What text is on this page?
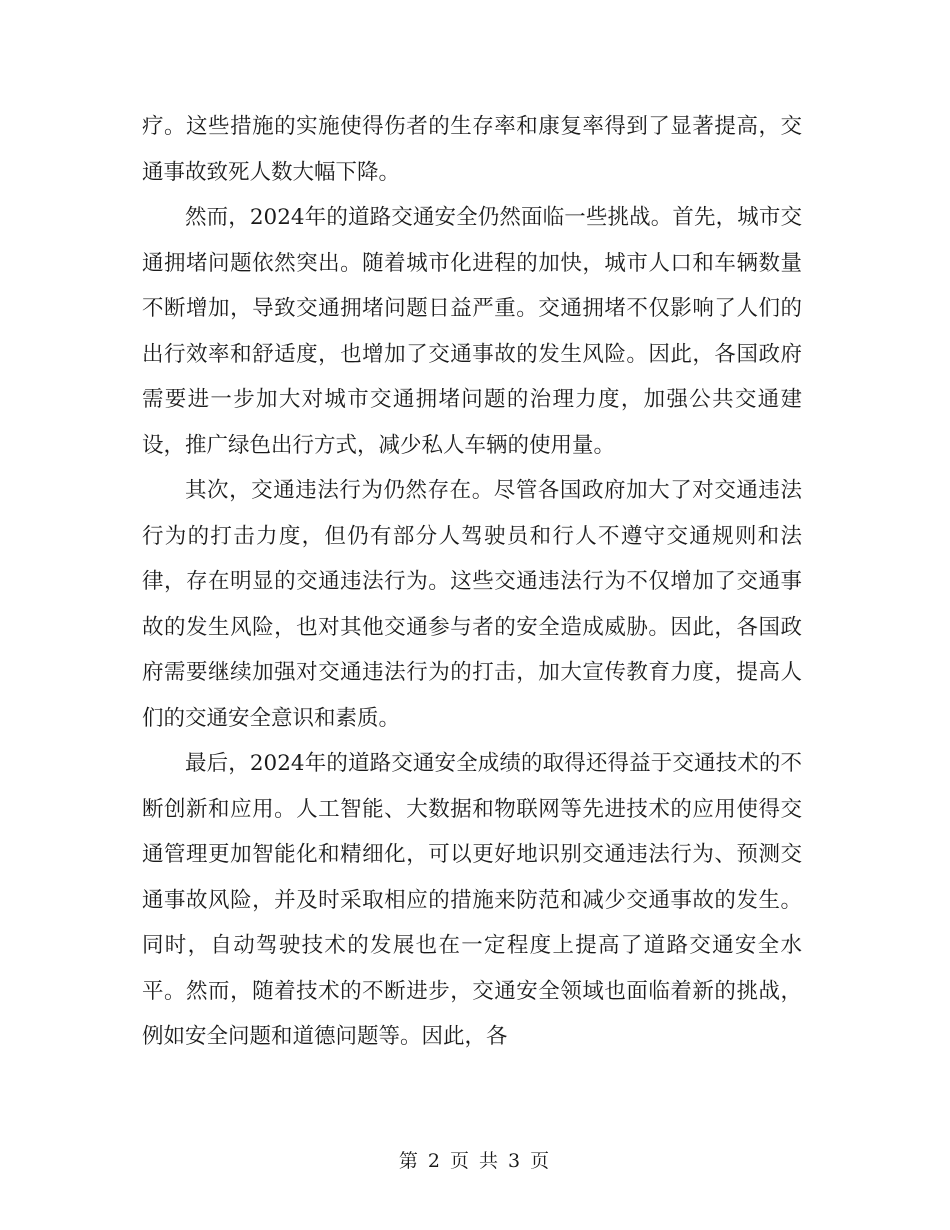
疗。这些措施的实施使得伤者的生存率和康复率得到了显著提高，交通事故致死人数大幅下降。

然而，2024年的道路交通安全仍然面临一些挑战。首先，城市交通拥堵问题依然突出。随着城市化进程的加快，城市人口和车辆数量不断增加，导致交通拥堵问题日益严重。交通拥堵不仅影响了人们的出行效率和舒适度，也增加了交通事故的发生风险。因此，各国政府需要进一步加大对城市交通拥堵问题的治理力度，加强公共交通建设，推广绿色出行方式，减少私人车辆的使用量。

其次，交通违法行为仍然存在。尽管各国政府加大了对交通违法行为的打击力度，但仍有部分人驾驶员和行人不遵守交通规则和法律，存在明显的交通违法行为。这些交通违法行为不仅增加了交通事故的发生风险，也对其他交通参与者的安全造成威胁。因此，各国政府需要继续加强对交通违法行为的打击，加大宣传教育力度，提高人们的交通安全意识和素质。

最后，2024年的道路交通安全成绩的取得还得益于交通技术的不断创新和应用。人工智能、大数据和物联网等先进技术的应用使得交通管理更加智能化和精细化，可以更好地识别交通违法行为、预测交通事故风险，并及时采取相应的措施来防范和减少交通事故的发生。同时，自动驾驶技术的发展也在一定程度上提高了道路交通安全水平。然而，随着技术的不断进步，交通安全领域也面临着新的挑战，例如安全问题和道德问题等。因此，各

第 2 页 共 3 页
